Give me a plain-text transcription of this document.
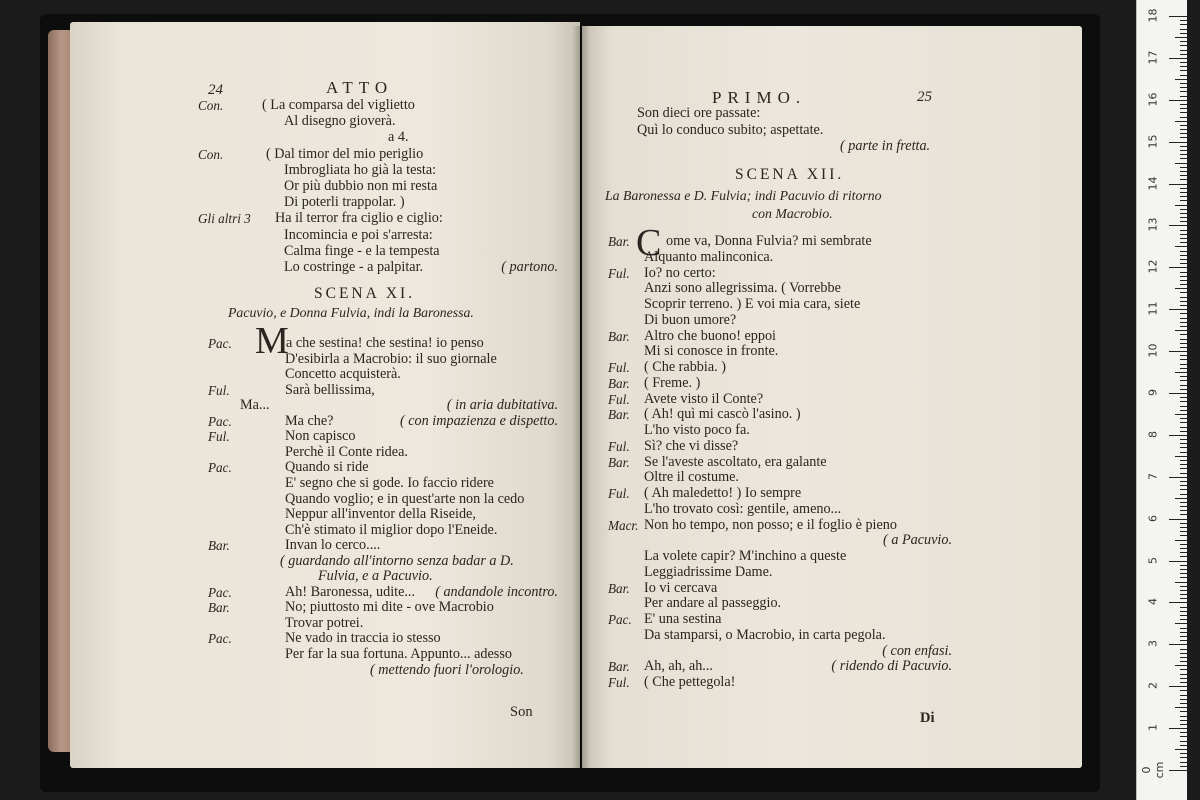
24	ATTO
Con.	( La comparsa del viglietto
Al disegno gioverà.
a 4.
Con.	( Dal timor del mio periglio
Imbrogliata ho già la testa:
Or più dubbio non mi resta
Di poterli trappolar. )
Gli altri 3 Ha il terror fra ciglio e ciglio:
Incomincia e poi s'arresta:
Calma finge - e la tempesta
Lo costringe - a palpitar.	( partono.
SCENA XI.
Pacuvio, e Donna Fulvia, indi la Baronessa.
M
Pac.	a che sestina! che sestina! io penso
D'esibirla a Macrobio: il suo giornale
Concetto acquisterà.
Ful.	Sarà bellissima,
Ma...	( in aria dubitativa.
Pac.	Ma che?	( con impazienza e dispetto.
Ful.	Non capisco
Perchè il Conte ridea.
Pac.	Quando si ride
E' segno che si gode. Io faccio ridere
Quando voglio; e in quest'arte non la cedo
Neppur all'inventor della Riseide,
Ch'è stimato il miglior dopo l'Eneide.
Bar.	Invan lo cerco....
( guardando all'intorno senza badar a D.
Fulvia, e a Pacuvio.
Pac.	Ah! Baronessa, udite... ( andandole incontro.
Bar.	No; piuttosto mi dite - ove Macrobio
Trovar potrei.
Pac.	Ne vado in traccia io stesso
Per far la sua fortuna. Appunto... adesso
( mettendo fuori l'orologio.
Son
PRIMO.	25
Son dieci ore passate:
Quì lo conduco subito; aspettate.
( parte in fretta.
SCENA XII.
La Baronessa e D. Fulvia; indi Pacuvio di ritorno
con Macrobio.
C
Bar.	ome va, Donna Fulvia? mi sembrate
Alquanto malinconica.
Ful. Io? no certo:
Anzi sono allegrissima. ( Vorrebbe
Scoprir terreno. ) E voi mia cara, siete
Di buon umore?
Bar. Altro che buono! eppoi
Mi si conosce in fronte.
Ful. ( Che rabbia. )
Bar. ( Freme. )
Ful. Avete visto il Conte?
Bar. ( Ah! quì mi cascò l'asino. )
L'ho visto poco fa.
Ful. Sì? che vi disse?
Bar. Se l'aveste ascoltato, era galante
Oltre il costume.
Ful. ( Ah maledetto! ) Io sempre
L'ho trovato così: gentile, ameno...
Macr. Non ho tempo, non posso; e il foglio è pieno
( a Pacuvio.
La volete capir? M'inchino a queste
Leggiadrissime Dame.
Bar. Io vi cercava
Per andare al passeggio.
Pac. E' una sestina
Da stamparsi, o Macrobio, in carta pegola.
( con enfasi.
Bar. Ah, ah, ah...	( ridendo di Pacuvio.
Ful. ( Che pettegola!
Di
0 cm
1
2
3
4
5
6
7
8
9
10
11
12
13
14
15
16
17
18
